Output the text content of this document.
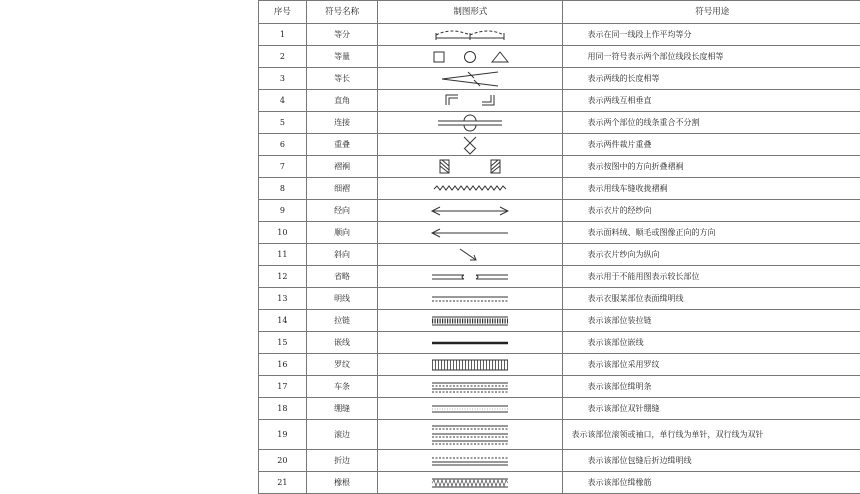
序号	符号名称	制图形式	符号用途
1	等分		表示在同一线段上作平均等分
2	等量		用同一符号表示两个部位线段长度相等
3	等长		表示两线的长度相等
4	直角		表示两线互相垂直
5	连接		表示两个部位的线条重合不分割
6	重叠		表示两件裁片重叠
7	褶裥		表示按图中的方向折叠褶裥
8	细褶		表示用线车缝收拢褶裥
9	经向		表示衣片的经纱向
10	顺向		表示面料绒、顺毛或图像正向的方向
11	斜向		表示衣片纱向为纵向
12	省略		表示用于不能用图表示较长部位
13	明线		表示衣服某部位表面缉明线
14	拉链		表示该部位装拉链
15	嵌线		表示该部位嵌线
16	罗纹		表示该部位采用罗纹
17	车条		表示该部位缉明条
18	绷缝		表示该部位双针绷缝
19	滚边		表示该部位滚领或袖口，单行线为单针，双行线为双针
20	折边		表示该部位包缝后折边缉明线
21	橡根		表示该部位缉橡筋
